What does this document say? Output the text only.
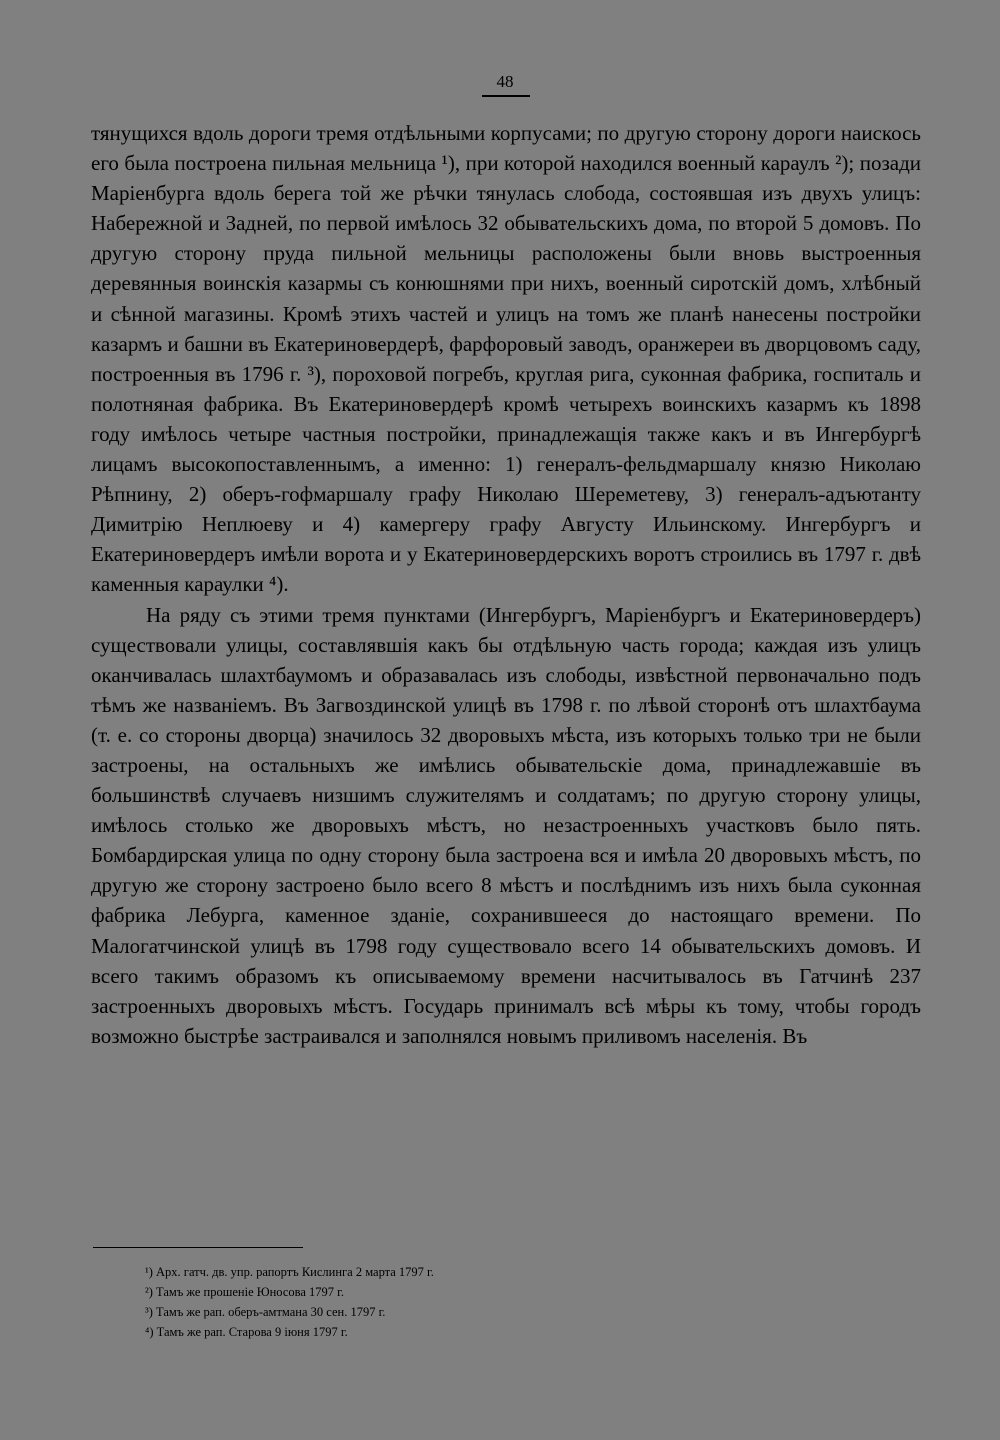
48

тянущихся вдоль дороги тремя отдѣльными корпусами; по другую сторону дороги наискось его была построена пильная мельница ¹), при которой находился военный караулъ ²); позади Маріенбурга вдоль берега той же рѣчки тянулась слобода, состоявшая изъ двухъ улицъ: Набережной и Задней, по первой имѣлось 32 обывательскихъ дома, по второй 5 домовъ. По другую сторону пруда пильной мельницы расположены были вновь выстроенныя деревянныя воинскія казармы съ конюшнями при нихъ, военный сиротскій домъ, хлѣбный и сѣнной магазины. Кромѣ этихъ частей и улицъ на томъ же планѣ нанесены постройки казармъ и башни въ Екатериновердерѣ, фарфоровый заводъ, оранжереи въ дворцовомъ саду, построенныя въ 1796 г. ³), пороховой погребъ, круглая рига, суконная фабрика, госпиталь и полотняная фабрика. Въ Екатериновердерѣ кромѣ четырехъ воинскихъ казармъ къ 1898 году имѣлось четыре частныя постройки, принадлежащія также какъ и въ Ингербургѣ лицамъ высокопоставленнымъ, а именно: 1) генералъ-фельдмаршалу князю Николаю Рѣпнину, 2) оберъ-гофмаршалу графу Николаю Шереметеву, 3) генералъ-адъютанту Димитрію Неплюеву и 4) камергеру графу Августу Ильинскому. Ингербургъ и Екатериновердеръ имѣли ворота и у Екатериновердерскихъ воротъ строились въ 1797 г. двѣ каменныя караулки ⁴).

На ряду съ этими тремя пунктами (Ингербургъ, Маріенбургъ и Екатериновердеръ) существовали улицы, составлявшія какъ бы отдѣльную часть города; каждая изъ улицъ оканчивалась шлахтбаумомъ и образавалась изъ слободы, извѣстной первоначально подъ тѣмъ же названіемъ. Въ Загвоздинской улицѣ въ 1798 г. по лѣвой сторонѣ отъ шлахтбаума (т. е. со стороны дворца) значилось 32 дворовыхъ мѣста, изъ которыхъ только три не были застроены, на остальныхъ же имѣлись обывательскіе дома, принадлежавшіе въ большинствѣ случаевъ низшимъ служителямъ и солдатамъ; по другую сторону улицы, имѣлось столько же дворовыхъ мѣстъ, но незастроенныхъ участковъ было пять. Бомбардирская улица по одну сторону была застроена вся и имѣла 20 дворовыхъ мѣстъ, по другую же сторону застроено было всего 8 мѣстъ и послѣднимъ изъ нихъ была суконная фабрика Лебурга, каменное зданіе, сохранившееся до настоящаго времени. По Малогатчинской улицѣ въ 1798 году существовало всего 14 обывательскихъ домовъ. И всего такимъ образомъ къ описываемому времени насчитывалось въ Гатчинѣ 237 застроенныхъ дворовыхъ мѣстъ. Государь принималъ всѣ мѣры къ тому, чтобы городъ возможно быстрѣе застраивался и заполнялся новымъ приливомъ населенія. Въ

¹) Арх. гатч. дв. упр. рапортъ Кислинга 2 марта 1797 г.
²) Тамъ же прошеніе Юносова 1797 г.
³) Тамъ же рап. оберъ-амтмана 30 сен. 1797 г.
⁴) Тамъ же рап. Старова 9 іюня 1797 г.
